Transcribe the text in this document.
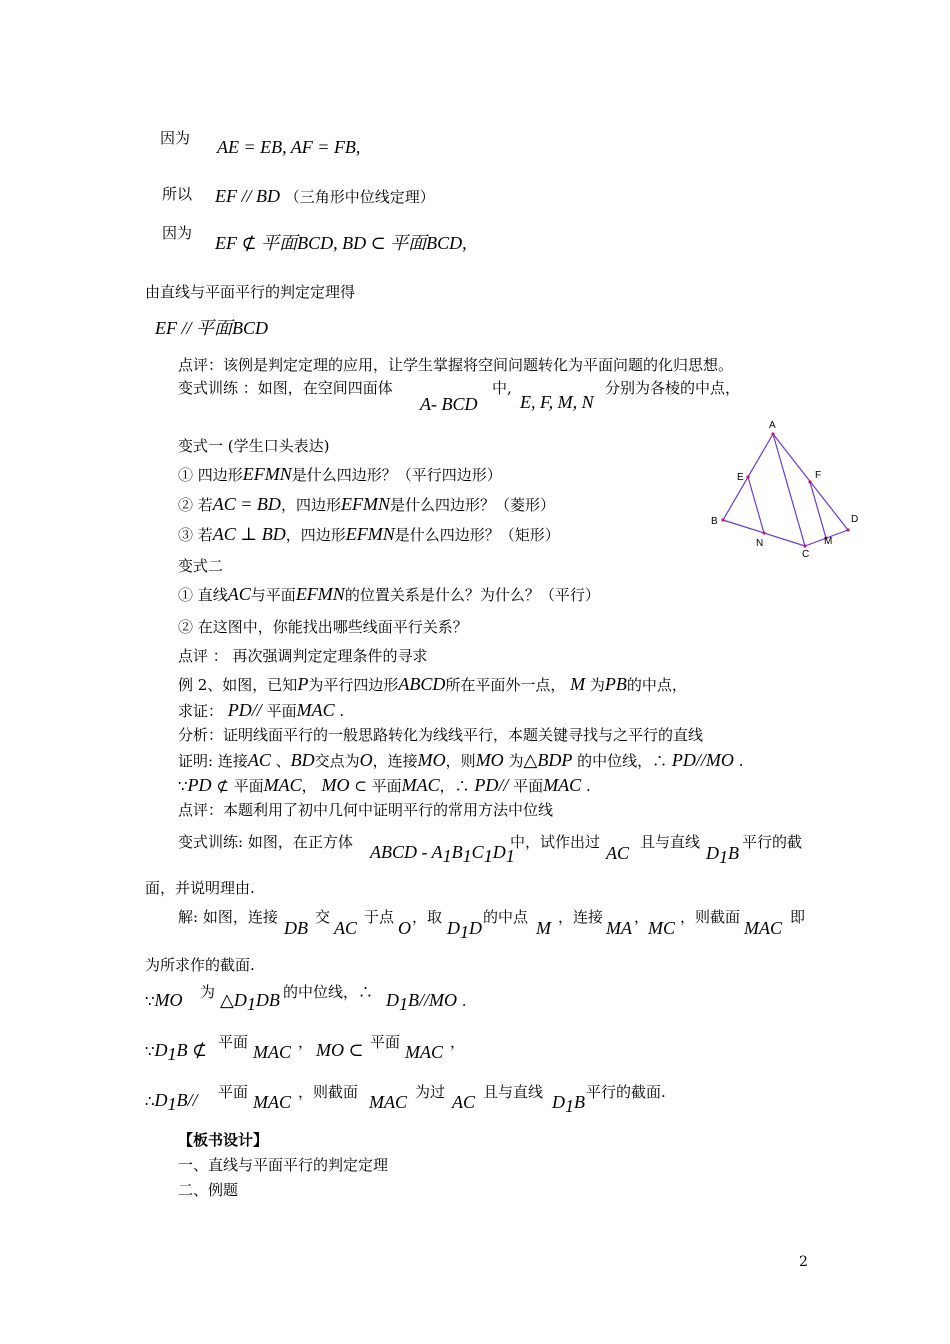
因为 AE = EB, AF = FB,
所以 EF // BD （三角形中位线定理）
因为 EF ⊄ 平面BCD, BD ⊂ 平面BCD,
由直线与平面平行的判定定理得
EF // 平面BCD
点评：该例是判定定理的应用，让学生掌握将空间问题转化为平面问题的化归思想。
变式训练 ：如图，在空间四面体
A- BCD
中,
E, F, M, N
分别为各棱的中点，
变式一 (学生口头表达)
① 四边形EFMN是什么四边形？（平行四边形）
② 若AC = BD，四边形EFMN是什么四边形？（菱形）
③ 若AC ⊥ BD，四边形EFMN是什么四边形？（矩形）
变式二
① 直线AC与平面EFMN的位置关系是什么？为什么？（平行）
② 在这图中，你能找出哪些线面平行关系？
点评 ： 再次强调判定定理条件的寻求
例 2、如图，已知P为平行四边形ABCD所在平面外一点， M 为PB的中点，
求证： PD// 平面MAC .
分析：证明线面平行的一般思路转化为线线平行，本题关键寻找与之平行的直线
证明: 连接AC 、BD交点为O，连接MO，则MO 为△BDP 的中位线，∴ PD//MO .
∵PD ⊄ 平面MAC， MO ⊂ 平面MAC，∴ PD// 平面MAC .
点评：本题利用了初中几何中证明平行的常用方法中位线
变式训练: 如图，在正方体 ABCD - $A_1B_1C_1D_1$
中，试作出过
AC
且与直线
$D_1B$
平行的截
面，并说明理由.
解: 如图，连接
DB
交
AC
于点
O
，取
$D_1D$
的中点
M
，连接
MA
，
MC
，则截面
MAC
即
为所求作的截面.
∵MO 为 $\triangle D_1DB$ 的中位线，∴ $D_1B//MO$ .
$\because D_1B$ ⊄ 平面 MAC ， MO ⊂ 平面 MAC ，
$\therefore D_1B//$ 平面 MAC ，则截面 MAC 为过 AC 且与直线 $D_1B$ 平行的截面.
【板书设计】
一、直线与平面平行的判定定理
二、例题
2
A
B
C
D
E	F
M
N
